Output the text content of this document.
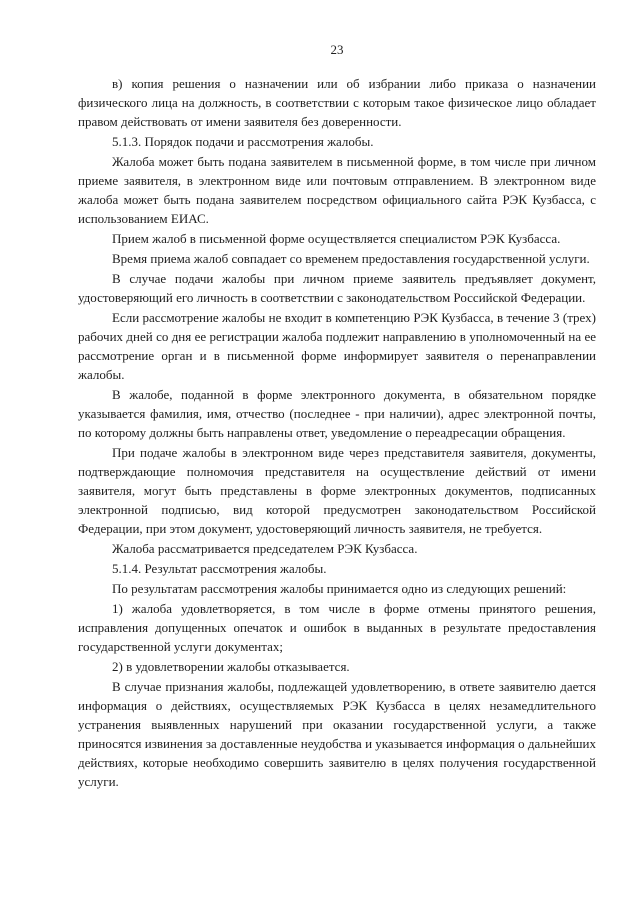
23

в) копия решения о назначении или об избрании либо приказа о назначении физического лица на должность, в соответствии с которым такое физическое лицо обладает правом действовать от имени заявителя без доверенности.

5.1.3. Порядок подачи и рассмотрения жалобы.

Жалоба может быть подана заявителем в письменной форме, в том числе при личном приеме заявителя, в электронном виде или почтовым отправлением. В электронном виде жалоба может быть подана заявителем посредством официального сайта РЭК Кузбасса, с использованием ЕИАС.

Прием жалоб в письменной форме осуществляется специалистом РЭК Кузбасса.

Время приема жалоб совпадает со временем предоставления государственной услуги.

В случае подачи жалобы при личном приеме заявитель предъявляет документ, удостоверяющий его личность в соответствии с законодательством Российской Федерации.

Если рассмотрение жалобы не входит в компетенцию РЭК Кузбасса, в течение 3 (трех) рабочих дней со дня ее регистрации жалоба подлежит направлению в уполномоченный на ее рассмотрение орган и в письменной форме информирует заявителя о перенаправлении жалобы.

В жалобе, поданной в форме электронного документа, в обязательном порядке указывается фамилия, имя, отчество (последнее - при наличии), адрес электронной почты, по которому должны быть направлены ответ, уведомление о переадресации обращения.

При подаче жалобы в электронном виде через представителя заявителя, документы, подтверждающие полномочия представителя на осуществление действий от имени заявителя, могут быть представлены в форме электронных документов, подписанных электронной подписью, вид которой предусмотрен законодательством Российской Федерации, при этом документ, удостоверяющий личность заявителя, не требуется.

Жалоба рассматривается председателем РЭК Кузбасса.

5.1.4. Результат рассмотрения жалобы.

По результатам рассмотрения жалобы принимается одно из следующих решений:

1) жалоба удовлетворяется, в том числе в форме отмены принятого решения, исправления допущенных опечаток и ошибок в выданных в результате предоставления государственной услуги документах;

2) в удовлетворении жалобы отказывается.

В случае признания жалобы, подлежащей удовлетворению, в ответе заявителю дается информация о действиях, осуществляемых РЭК Кузбасса в целях незамедлительного устранения выявленных нарушений при оказании государственной услуги, а также приносятся извинения за доставленные неудобства и указывается информация о дальнейших действиях, которые необходимо совершить заявителю в целях получения государственной услуги.
